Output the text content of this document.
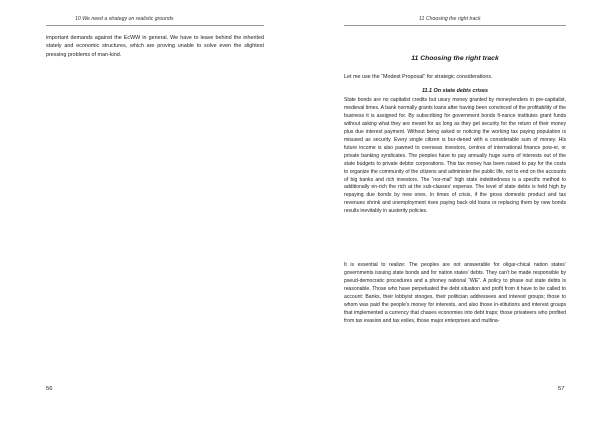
10 We need a strategy on realistic grounds

important demands against the EcWW in general. We have to leave behind the inherited stately and economic structures, which are proving unable to solve even the slightest pressing problems of man-kind.

56
11 Choosing the right track
11 Choosing the right track

Let me use the “Modest Proposal” for strategic considerations.

11.1 On state debts crises

State bonds are no capitalist credits but usury money granted by moneylenders in pre-capitalist, medieval times. A bank normally grants loans after having been convinced of the profitability of the business it is assigned for. By subscribing for government bonds fi-nance institutes grant funds without asking what they are meant for as long as they get security for the return of their money plus due interest payment. Without being asked or noticing the working tax paying population is misused as security. Every single citizen is bur-dened with a considerable sum of money. His future income is also pawned to overseas investors, centres of international finance pow-er, or private banking syndicates. The peoples have to pay annually huge sums of interests out of the state budgets to private debtor corporations. This tax money has been raised to pay for the costs to organize the community of the citizens and administer the public life, not to end on the accounts of big banks and rich investors. The “nor-mal” high state indebtedness is a specific method to additionally en-rich the rich at the sub-classes’ expense. The level of state debts is held high by repaying due bonds by new ones. In times of crisis, if the gross domestic product and tax revenues shrink and unemployment rises paying back old loans or replacing them by new bonds results inevitably in austerity policies.

It is essential to realize: The peoples are not answerable for oligar-chical nation states’ governments issuing state bonds and for nation states’ debts. They can’t be made responsible by pseud-democratic procedures and a phoney national “WE”. A policy to phase out state debts is reasonable. Those who have perpetuated the debt situation and profit from it have to be called to account: Banks, their lobbyist stooges, their politician addressees and interest groups; those to whom was paid the people’s money for interests, and also those in-stitutions and interest groups that implemented a currency that chases economies into debt traps; those privateers who profited from tax evasion and tax exiles, those major enterprises and multina-

57
